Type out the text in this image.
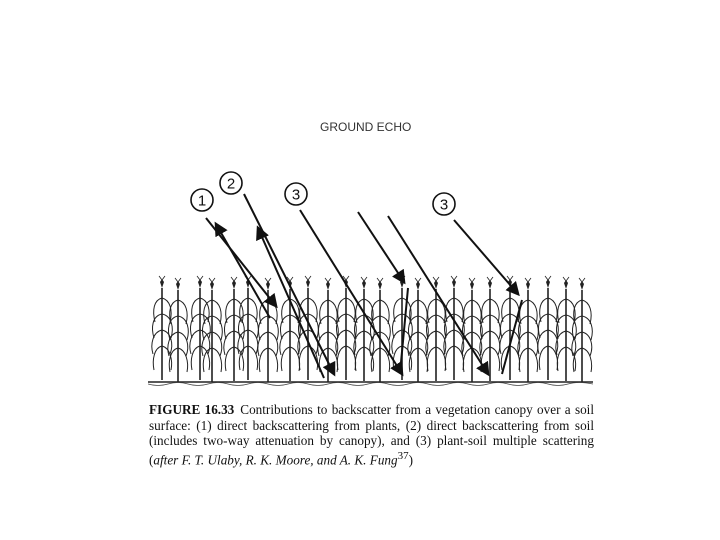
GROUND ECHO
1
2
3
3
FIGURE 16.33 Contributions to backscatter from a vegetation canopy over a soil surface: (1) direct backscattering from plants, (2) direct backscattering from soil (includes two-way attenuation by canopy), and (3) plant-soil multiple scattering (after F. T. Ulaby, R. K. Moore, and A. K. Fung$^{37}$)
